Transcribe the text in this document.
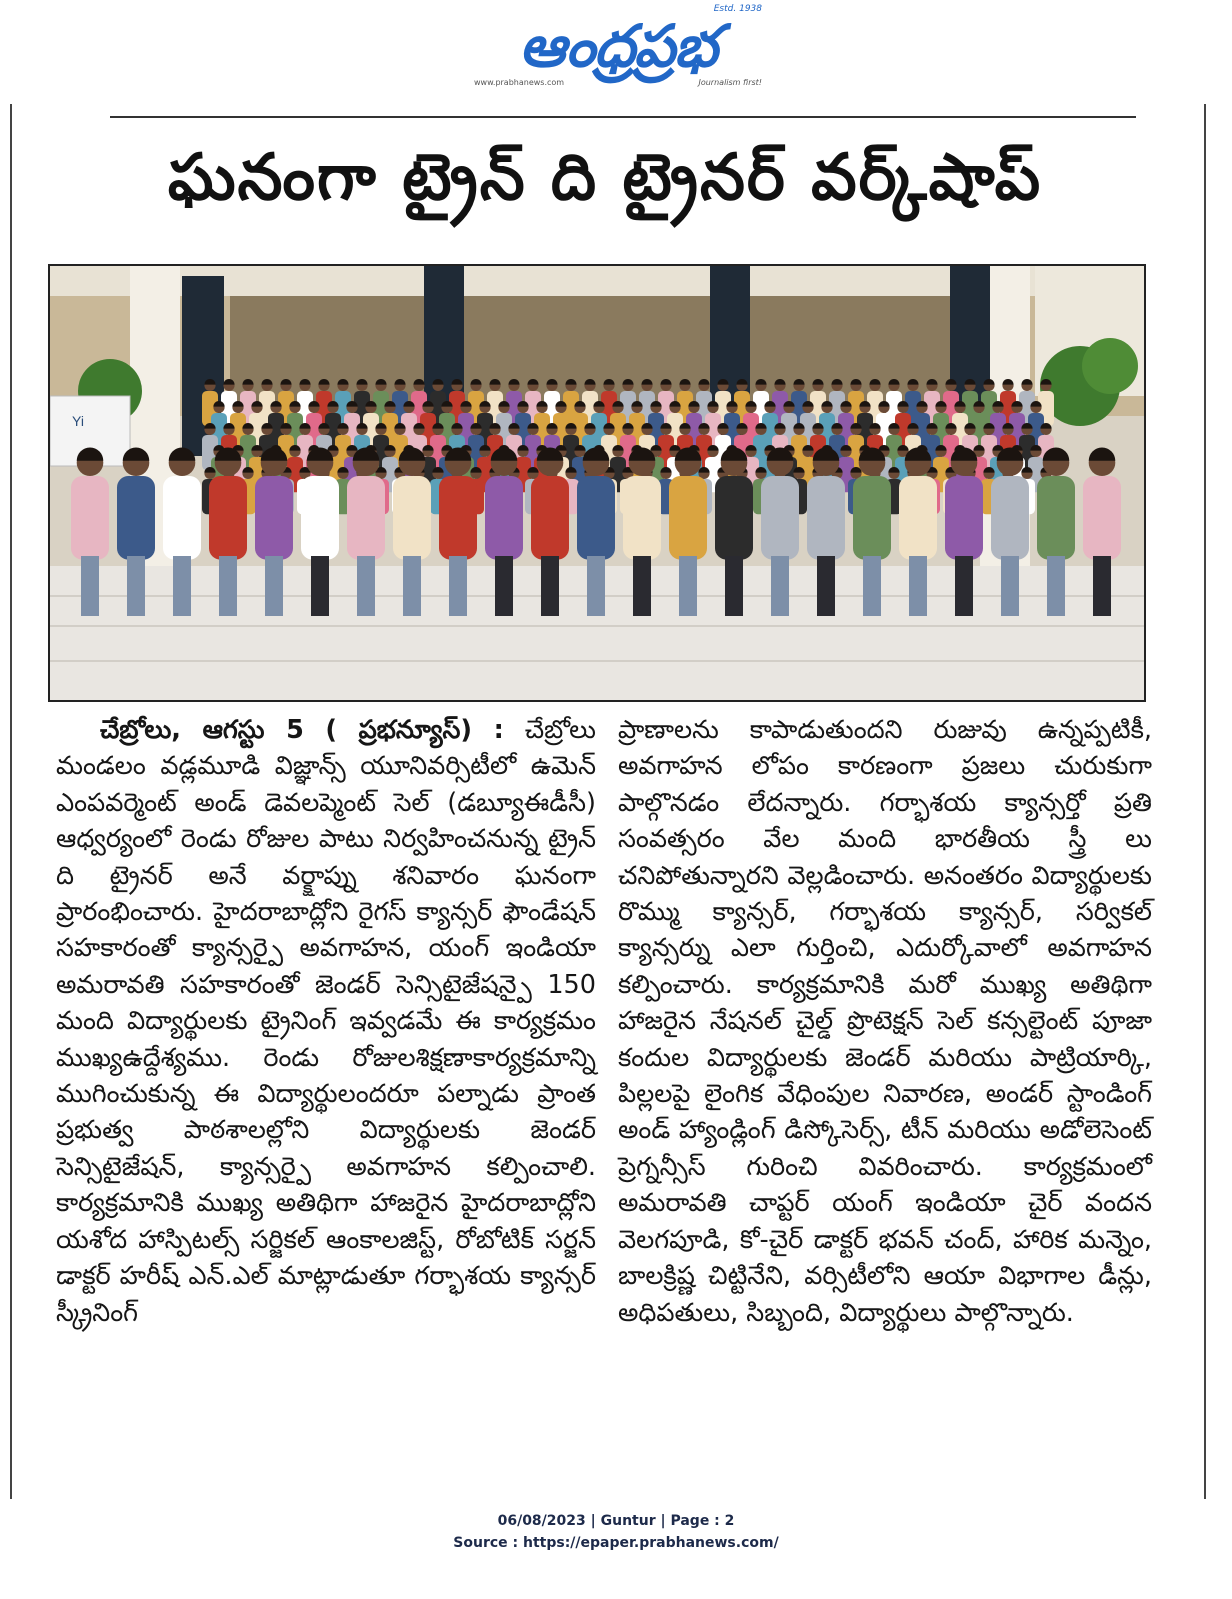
Estd. 1938
ఆంధ్రప్రభ
www.prabhanews.com	Journalism first!
ఘనంగా ట్రైన్ ది ట్రైనర్ వర్క్‌షాప్
Yi

చేబ్రోలు, ఆగస్టు 5 ( ప్రభన్యూస్) : చేబ్రోలు మండలం వడ్లమూడి విజ్ఞాన్స్ యూనివర్సిటీలో ఉమెన్ ఎంపవర్మెంట్ అండ్ డెవలప్మెంట్ సెల్ (డబ్యూఈడీసీ) ఆధ్వర్యంలో రెండు రోజుల పాటు నిర్వహించనున్న ట్రైన్ ది ట్రైనర్ అనే వర్క్షాప్ను శనివారం ఘనంగా ప్రారంభించారు. హైదరాబాద్లోని రైగస్ క్యాన్సర్ ఫౌండేషన్ సహకారంతో క్యాన్సర్పై అవగాహన, యంగ్ ఇండియా అమరావతి సహకారంతో జెండర్ సెన్సిటైజేషన్పై 150 మంది విద్యార్థులకు ట్రైనింగ్ ఇవ్వడమే ఈ కార్యక్రమం ముఖ్యఉద్దేశ్యము. రెండు రోజులశిక్షణాకార్యక్రమాన్ని ముగించుకున్న ఈ విద్యార్థులందరూ పల్నాడు ప్రాంత ప్రభుత్వ పాఠశాలల్లోని విద్యార్థులకు జెండర్ సెన్సిటైజేషన్, క్యాన్సర్పై అవగాహన కల్పించాలి. కార్యక్రమానికి ముఖ్య అతిథిగా హాజరైన హైదరాబాద్లోని యశోద హాస్పిటల్స్ సర్జికల్ ఆంకాలజిస్ట్, రోబోటిక్ సర్జన్ డాక్టర్ హరీష్ ఎన్.ఎల్ మాట్లాడుతూ గర్భాశయ క్యాన్సర్ స్క్రీనింగ్

ప్రాణాలను కాపాడుతుందని రుజువు ఉన్నప్పటికీ, అవగాహన లోపం కారణంగా ప్రజలు చురుకుగా పాల్గొనడం లేదన్నారు. గర్భాశయ క్యాన్సర్తో ప్రతి సంవత్సరం వేల మంది భారతీయ స్త్రీ లు చనిపోతున్నారని వెల్లడించారు. అనంతరం విద్యార్థులకు రొమ్ము క్యాన్సర్, గర్భాశయ క్యాన్సర్, సర్వికల్ క్యాన్సర్ను ఎలా గుర్తించి, ఎదుర్కోవాలో అవగాహన కల్పించారు. కార్యక్రమానికి మరో ముఖ్య అతిథిగా హాజరైన నేషనల్ చైల్డ్ ప్రొటెక్షన్ సెల్ కన్సల్టెంట్ పూజా కందుల విద్యార్థులకు జెండర్ మరియు పాట్రియార్కి, పిల్లలపై లైంగిక వేధింపుల నివారణ, అండర్ స్టాండింగ్ అండ్ హ్యాండ్లింగ్ డిస్కోసెర్స్, టీన్ మరియు అడోలెసెంట్ ప్రెగ్నన్సీస్ గురించి వివరించారు. కార్యక్రమంలో అమరావతి చాప్టర్ యంగ్ ఇండియా చైర్ వందన వెలగపూడి, కో-చైర్ డాక్టర్ భవన్ చంద్, హారిక మన్నెం, బాలక్రిష్ణ చిట్టినేని, వర్సిటీలోని ఆయా విభాగాల డీన్లు, అధిపతులు, సిబ్బంది, విద్యార్థులు పాల్గొన్నారు.

06/08/2023 | Guntur | Page : 2
Source : https://epaper.prabhanews.com/
